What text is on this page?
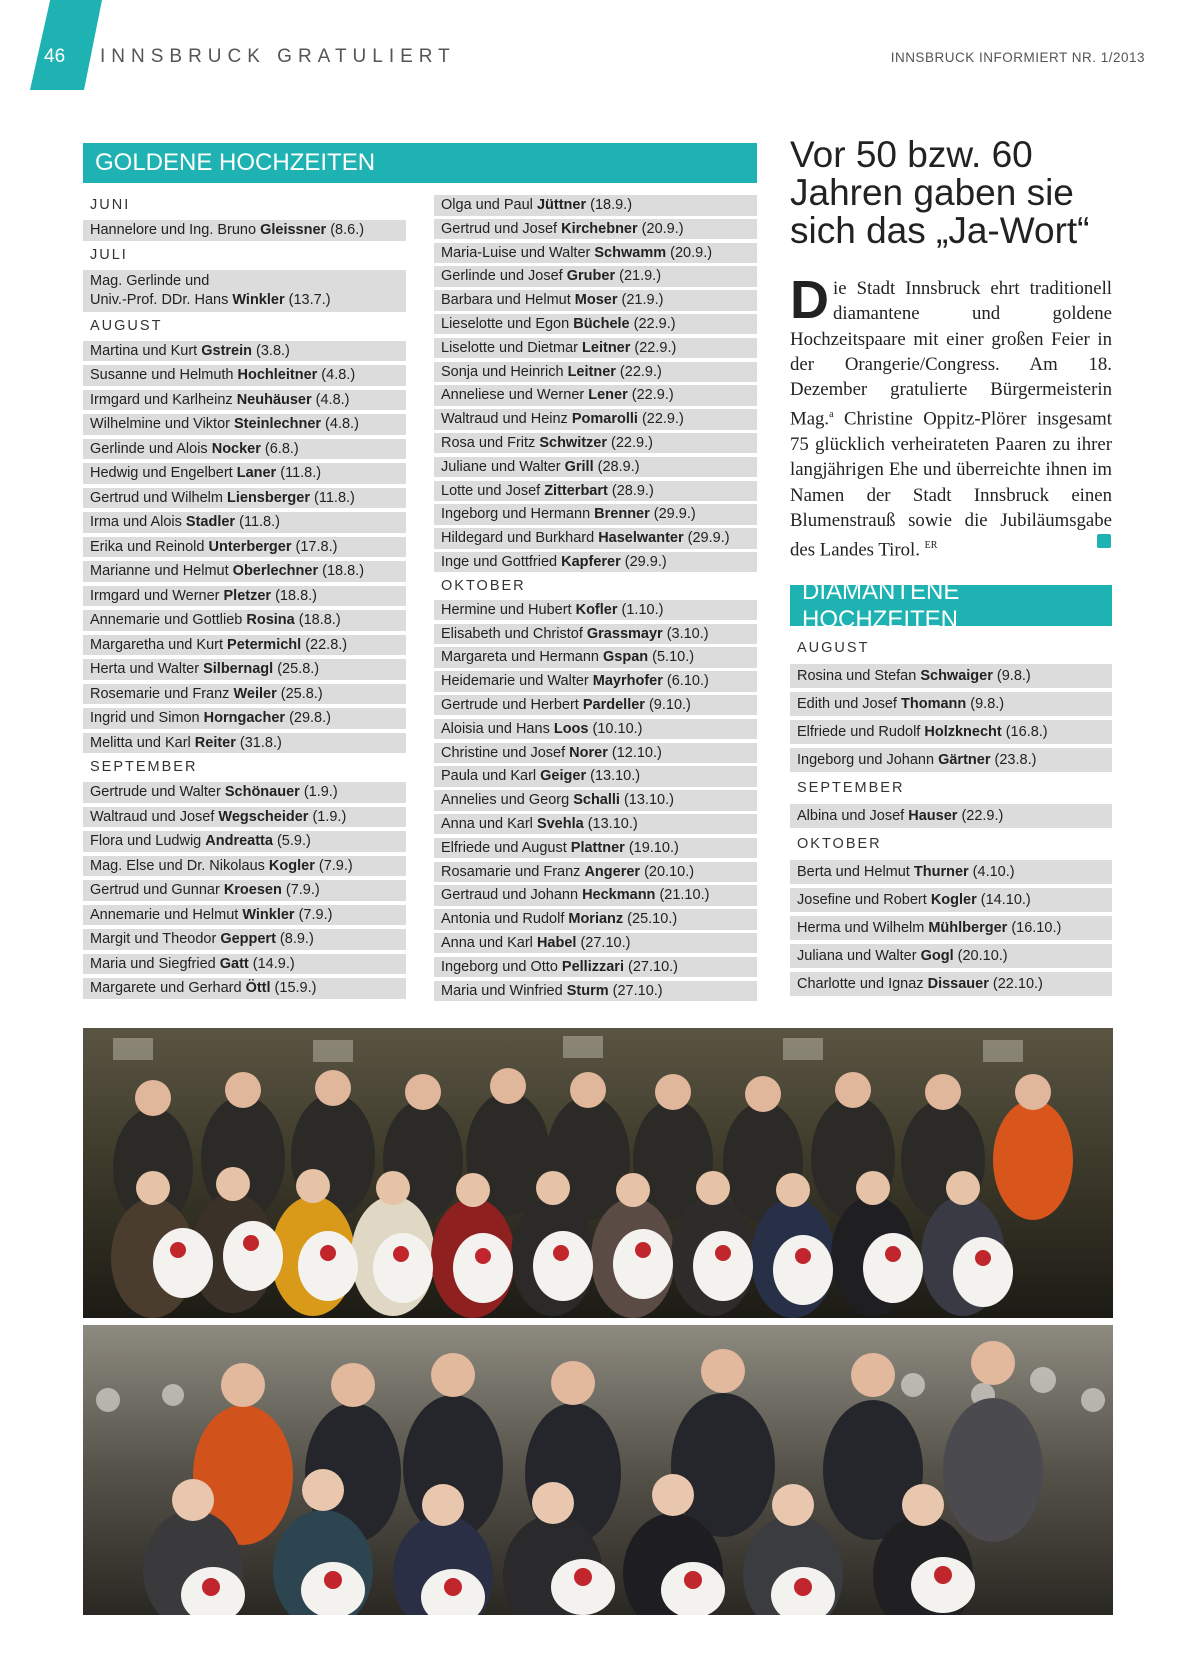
46 INNSBRUCK GRATULIERT	INNSBRUCK INFORMIERT NR. 1/2013
GOLDENE HOCHZEITEN
JUNI
Hannelore und Ing. Bruno Gleissner (8.6.)
JULI
Mag. Gerlinde und
Univ.-Prof. DDr. Hans Winkler (13.7.)
AUGUST
Martina und Kurt Gstrein (3.8.)
Susanne und Helmuth Hochleitner (4.8.)
Irmgard und Karlheinz Neuhäuser (4.8.)
Wilhelmine und Viktor Steinlechner (4.8.)
Gerlinde und Alois Nocker (6.8.)
Hedwig und Engelbert Laner (11.8.)
Gertrud und Wilhelm Liensberger (11.8.)
Irma und Alois Stadler (11.8.)
Erika und Reinold Unterberger (17.8.)
Marianne und Helmut Oberlechner (18.8.)
Irmgard und Werner Pletzer (18.8.)
Annemarie und Gottlieb Rosina (18.8.)
Margaretha und Kurt Petermichl (22.8.)
Herta und Walter Silbernagl (25.8.)
Rosemarie und Franz Weiler (25.8.)
Ingrid und Simon Horngacher (29.8.)
Melitta und Karl Reiter (31.8.)
SEPTEMBER
Gertrude und Walter Schönauer (1.9.)
Waltraud und Josef Wegscheider (1.9.)
Flora und Ludwig Andreatta (5.9.)
Mag. Else und Dr. Nikolaus Kogler (7.9.)
Gertrud und Gunnar Kroesen (7.9.)
Annemarie und Helmut Winkler (7.9.)
Margit und Theodor Geppert (8.9.)
Maria und Siegfried Gatt (14.9.)
Margarete und Gerhard Öttl (15.9.)
Olga und Paul Jüttner (18.9.)
Gertrud und Josef Kirchebner (20.9.)
Maria-Luise und Walter Schwamm (20.9.)
Gerlinde und Josef Gruber (21.9.)
Barbara und Helmut Moser (21.9.)
Lieselotte und Egon Büchele (22.9.)
Liselotte und Dietmar Leitner (22.9.)
Sonja und Heinrich Leitner (22.9.)
Anneliese und Werner Lener (22.9.)
Waltraud und Heinz Pomarolli (22.9.)
Rosa und Fritz Schwitzer (22.9.)
Juliane und Walter Grill (28.9.)
Lotte und Josef Zitterbart (28.9.)
Ingeborg und Hermann Brenner (29.9.)
Hildegard und Burkhard Haselwanter (29.9.)
Inge und Gottfried Kapferer (29.9.)
OKTOBER
Hermine und Hubert Kofler (1.10.)
Elisabeth und Christof Grassmayr (3.10.)
Margareta und Hermann Gspan (5.10.)
Heidemarie und Walter Mayrhofer (6.10.)
Gertrude und Herbert Pardeller (9.10.)
Aloisia und Hans Loos (10.10.)
Christine und Josef Norer (12.10.)
Paula und Karl Geiger (13.10.)
Annelies und Georg Schalli (13.10.)
Anna und Karl Svehla (13.10.)
Elfriede und August Plattner (19.10.)
Rosamarie und Franz Angerer (20.10.)
Gertraud und Johann Heckmann (21.10.)
Antonia und Rudolf Morianz (25.10.)
Anna und Karl Habel (27.10.)
Ingeborg und Otto Pellizzari (27.10.)
Maria und Winfried Sturm (27.10.)
Vor 50 bzw. 60 Jahren gaben sie sich das „Ja-Wort“
Die Stadt Innsbruck ehrt traditionell diamantene und goldene Hochzeitspaare mit einer großen Feier in der Orangerie/Congress. Am 18. Dezember gratulierte Bürgermeisterin Mag.$^a$ Christine Oppitz-Plörer insgesamt 75 glücklich verheirateten Paaren zu ihrer langjährigen Ehe und überreichte ihnen im Namen der Stadt Innsbruck einen Blumenstrauß sowie die Jubiläumsgabe des Landes Tirol. $^{ER}$
DIAMANTENE HOCHZEITEN
AUGUST
Rosina und Stefan Schwaiger (9.8.)
Edith und Josef Thomann (9.8.)
Elfriede und Rudolf Holzknecht (16.8.)
Ingeborg und Johann Gärtner (23.8.)
SEPTEMBER
Albina und Josef Hauser (22.9.)
OKTOBER
Berta und Helmut Thurner (4.10.)
Josefine und Robert Kogler (14.10.)
Herma und Wilhelm Mühlberger (16.10.)
Juliana und Walter Gogl (20.10.)
Charlotte und Ignaz Dissauer (22.10.)
